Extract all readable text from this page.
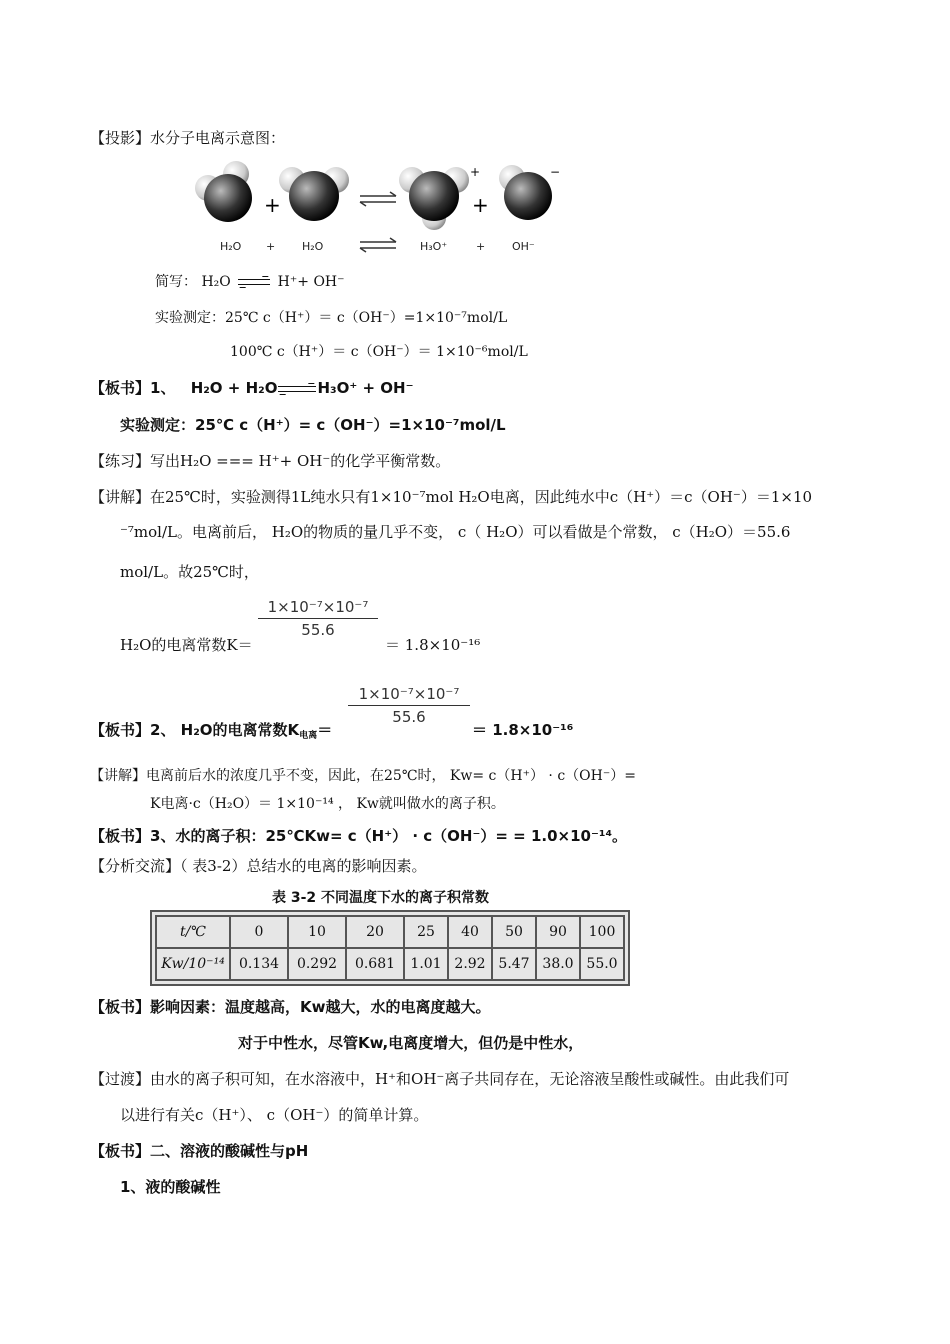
【投影】水分子电离示意图：
+
+
+
−
H₂O + H₂O	H₃O⁺	+ OH⁻
简写： H₂O → H⁺+ OH⁻
实验测定：25℃ c（H⁺）＝ c（OH⁻）=1×10⁻⁷mol/L
100℃ c（H⁺）＝ c（OH⁻）＝ 1×10⁻⁶mol/L
【板书】1、 H₂O + H₂O→H₃O⁺ + OH⁻
实验测定：25℃ c（H⁺）= c（OH⁻）=1×10⁻⁷mol/L
【练习】写出H₂O === H⁺+ OH⁻的化学平衡常数。
【讲解】在25℃时，实验测得1L纯水只有1×10⁻⁷mol H₂O电离，因此纯水中c（H⁺）＝c（OH⁻）＝1×10
⁻⁷mol/L。电离前后， H₂O的物质的量几乎不变， c（ H₂O）可以看做是个常数， c（H₂O）＝55.6
mol/L。故25℃时，
1×10⁻⁷×10⁻⁷
55.6
H₂O的电离常数K＝	＝ 1.8×10⁻¹⁶
1×10⁻⁷×10⁻⁷
55.6
【板书】2、 H₂O的电离常数$K_{电离}=$	＝ 1.8×10⁻¹⁶
【讲解】电离前后水的浓度几乎不变，因此，在25℃时， Kw= c（H⁺） · c（OH⁻）=
K电离·c（H₂O）＝ 1×10⁻¹⁴ ， Kw就叫做水的离子积。
【板书】3、水的离子积：25℃Kw= c（H⁺） · c（OH⁻）= = 1.0×10⁻¹⁴。
【分析交流】（ 表3-2）总结水的电离的影响因素。
表 3-2 不同温度下水的离子积常数
t/℃	0	10	20	25	40	50	90	100
Kw/10⁻¹⁴	0.134	0.292	0.681	1.01	2.92	5.47	38.0	55.0
【板书】影响因素：温度越高，Kw越大，水的电离度越大。
对于中性水，尽管Kw,电离度增大，但仍是中性水，
【过渡】由水的离子积可知，在水溶液中，H⁺和OH⁻离子共同存在，无论溶液呈酸性或碱性。由此我们可
以进行有关c（H⁺）、 c（OH⁻）的简单计算。
【板书】二、溶液的酸碱性与pH
1、液的酸碱性
